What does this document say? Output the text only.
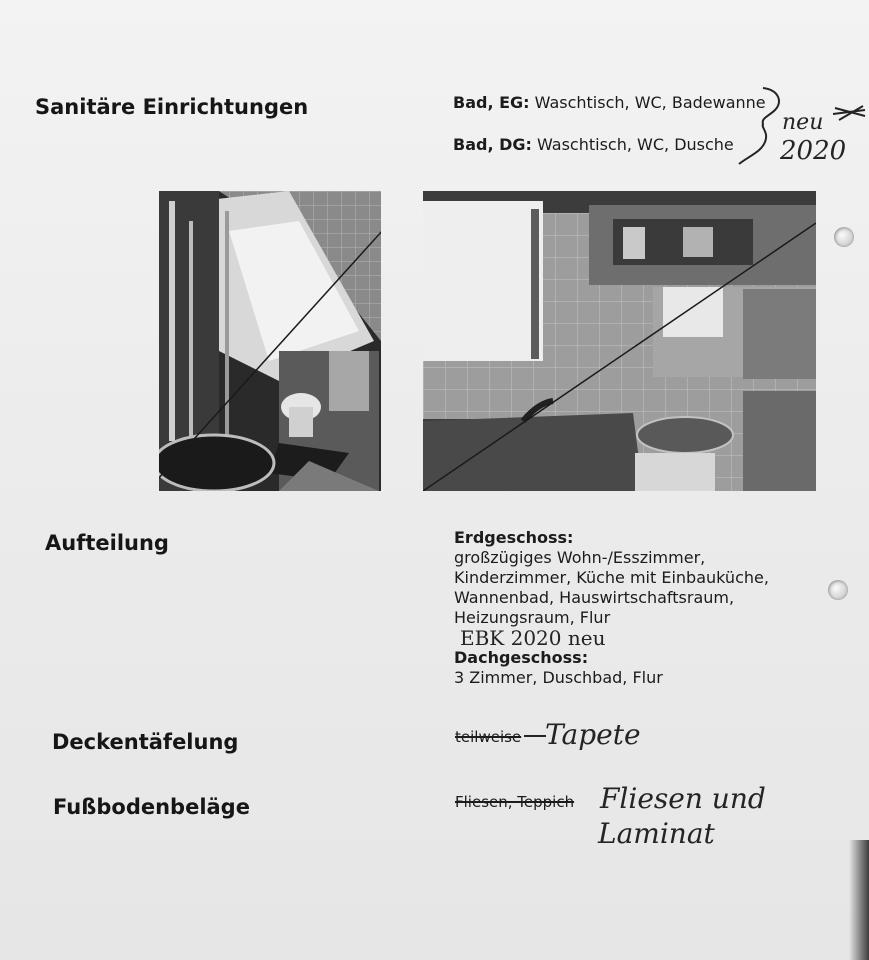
Sanitäre Einrichtungen	Bad, EG: Waschtisch, WC, Badewanne
Bad, DG: Waschtisch, WC, Dusche
neu
2020
Aufteilung	Erdgeschoss:
großzügiges Wohn-/Esszimmer,
Kinderzimmer, Küche mit Einbauküche,
Wannenbad, Hauswirtschaftsraum,
Heizungsraum, Flur
EBK 2020 neu
Dachgeschoss:
3 Zimmer, Duschbad, Flur
Deckentäfelung	teilweise Tapete
Fußbodenbeläge	Fliesen, Teppich Fliesen und
Laminat
